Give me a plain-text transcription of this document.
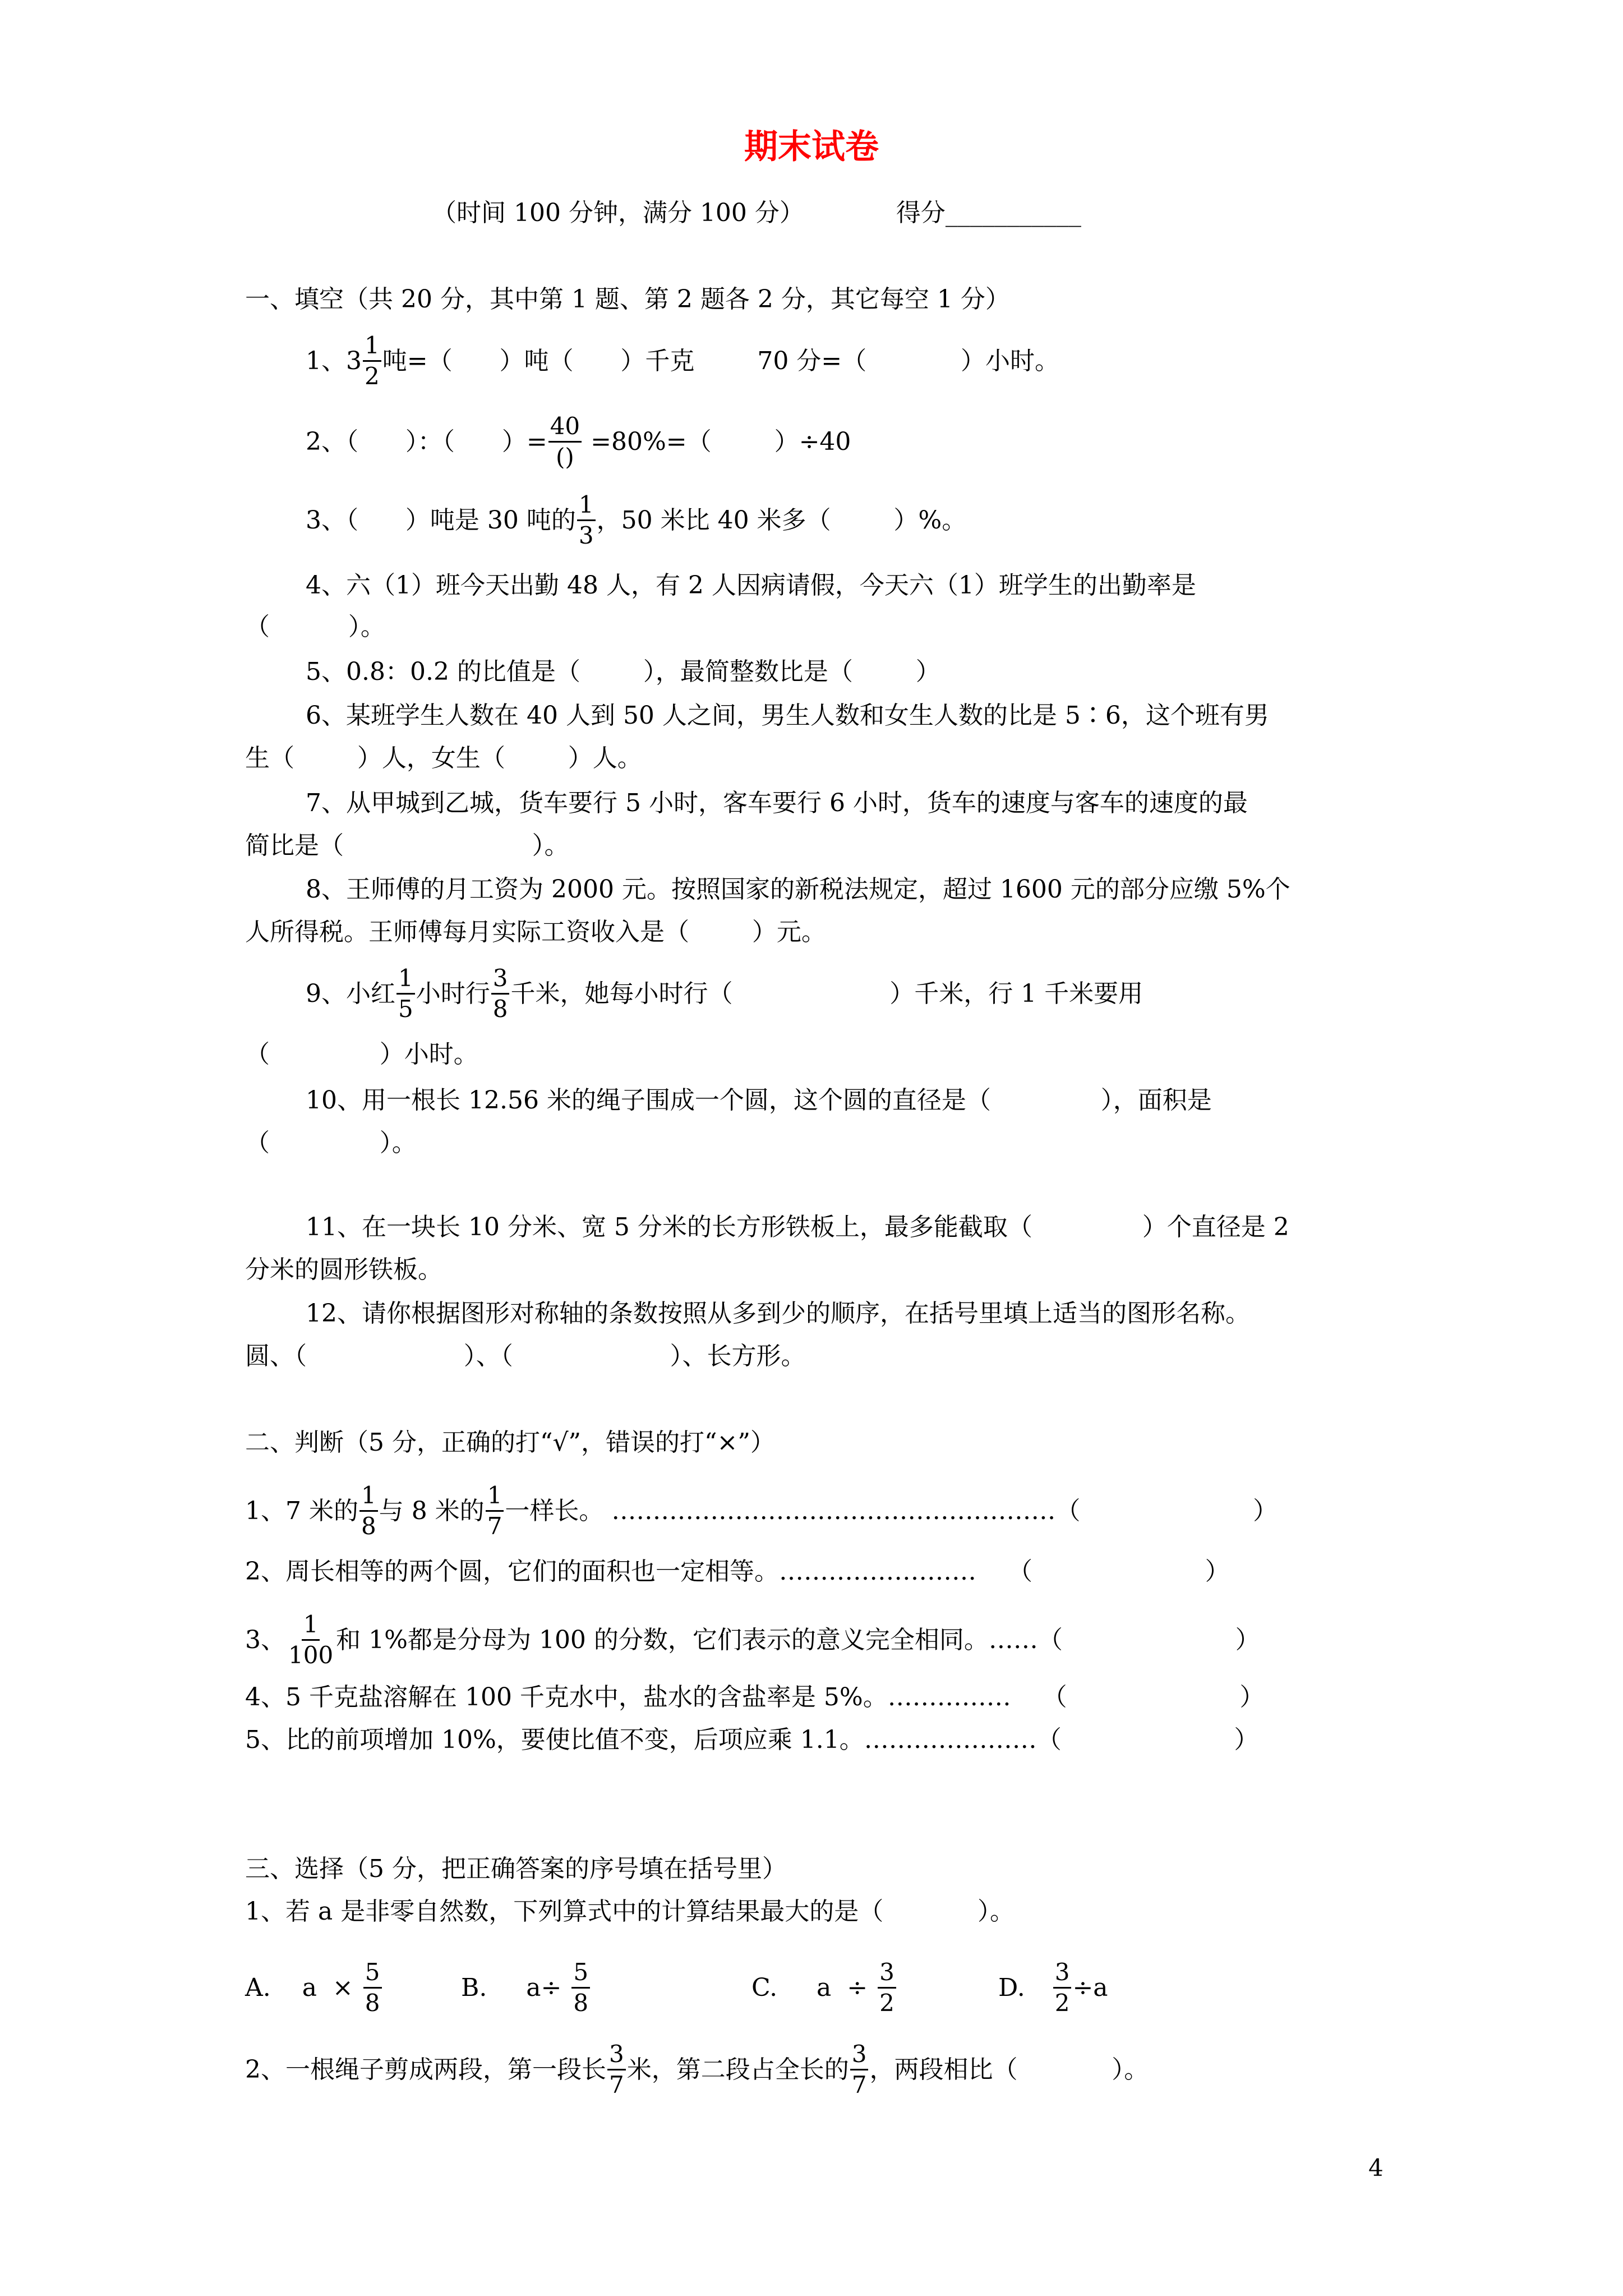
期末试卷
（时间 100 分钟，满分 100 分）	得分___________
一、填空（共 20 分，其中第 1 题、第 2 题各 2 分，其它每空 1 分）
1、$3 \frac{1}{2}$ 吨=（      ）吨（      ）千克        70 分=（            ）小时。
2、（      ）：（      ）= $\frac{40}{()} =80\%=$（        ）÷40
3、（      ）吨是 30 吨的 $\frac{1}{3}$ ，50 米比 40 米多（        ）%。
4、六（1）班今天出勤 48 人，有 2 人因病请假，今天六（1）班学生的出勤率是
（          ）。
5、0.8：0.2 的比值是（        ），最简整数比是（        ）
6、某班学生人数在 40 人到 50 人之间，男生人数和女生人数的比是 5∶6，这个班有男
生（        ）人，女生（        ）人。
7、从甲城到乙城，货车要行 5 小时，客车要行 6 小时，货车的速度与客车的速度的最
简比是（                        ）。
8、王师傅的月工资为 2000 元。按照国家的新税法规定，超过 1600 元的部分应缴 5%个
人所得税。王师傅每月实际工资收入是（        ）元。
9、小红 $\frac{1}{5}$ 小时行 $\frac{3}{8}$ 千米，她每小时行（                    ）千米，行 1 千米要用
（              ）小时。
10、用一根长 12.56 米的绳子围成一个圆，这个圆的直径是（              ），面积是
（              ）。
11、在一块长 10 分米、宽 5 分米的长方形铁板上，最多能截取（              ）个直径是 2
分米的圆形铁板。
12、请你根据图形对称轴的条数按照从多到少的顺序，在括号里填上适当的图形名称。
圆、（                    ）、（                    ）、长方形。
二、判断（5 分，正确的打“√”，错误的打“×”）
1、7 米的 $\frac{1}{8}$ 与 8 米的 $\frac{1}{7}$ 一样长。 ………………………………………………（                      ）
2、周长相等的两个圆，它们的面积也一定相等。……………………    （                      ）
3、 $\frac{1}{100}$ 和 1%都是分母为 100 的分数，它们表示的意义完全相同。……（                      ）
4、5 千克盐溶解在 100 千克水中，盐水的含盐率是 5%。……………    （                      ）
5、比的前项增加 10%，要使比值不变，后项应乘 1.1。…………………（                      ）
三、选择（5 分，把正确答案的序号填在括号里）
1、若 a 是非零自然数，下列算式中的计算结果最大的是（            ）。
A.    $a \times \frac{5}{8}$	B.     $a\div \frac{5}{8}$	C.     $a \div \frac{3}{2}$	D. $\frac{3}{2} \div a$
2、一根绳子剪成两段，第一段长 $\frac{3}{7}$ 米，第二段占全长的 $\frac{3}{7}$ ，两段相比（            ）。
4
